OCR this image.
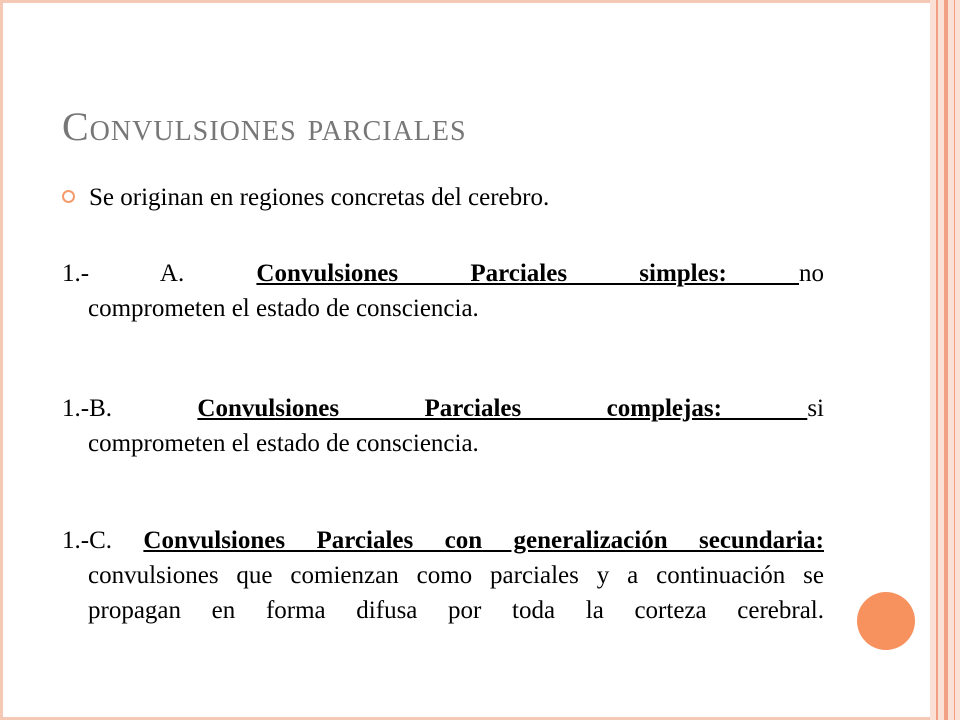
Convulsiones parciales
Se originan en regiones concretas del cerebro.

1.- A. Convulsiones Parciales simples: no
comprometen el estado de consciencia.

1.-B. Convulsiones Parciales complejas: si
comprometen el estado de consciencia.

1.-C. Convulsiones Parciales con generalización secundaria: convulsiones que comienzan como parciales y a continuación se propagan en forma difusa por toda la corteza cerebral.
